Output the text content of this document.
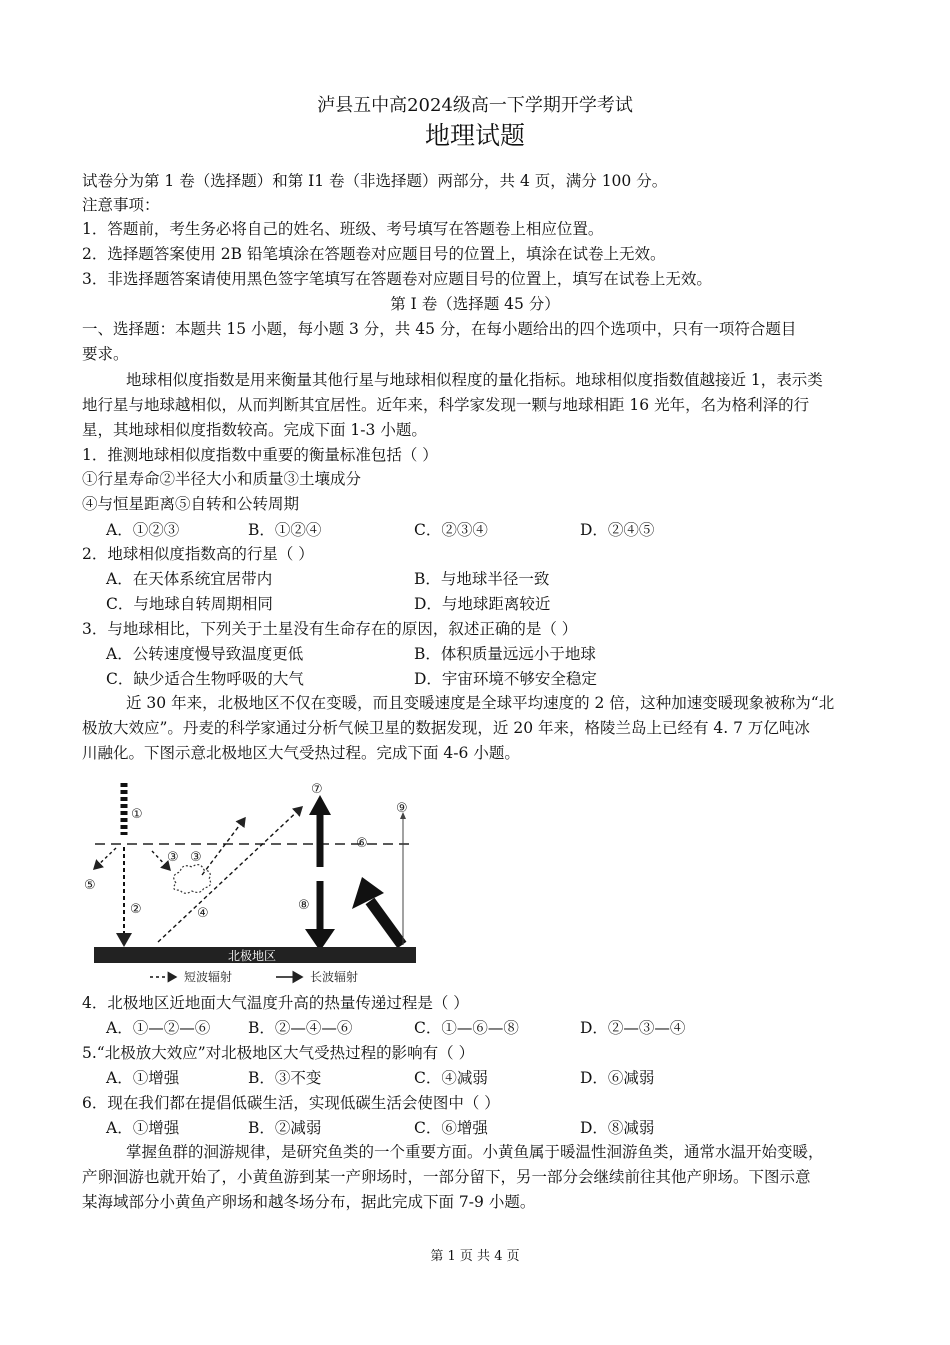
泸县五中高2024级高一下学期开学考试
地理试题
试卷分为第 1 卷（选择题）和第 I1 卷（非选择题）两部分，共 4 页，满分 100 分。
注意事项：
1．答题前，考生务必将自己的姓名、班级、考号填写在答题卷上相应位置。
2．选择题答案使用 2B 铅笔填涂在答题卷对应题目号的位置上，填涂在试卷上无效。
3．非选择题答案请使用黑色签字笔填写在答题卷对应题目号的位置上，填写在试卷上无效。
第 I 卷（选择题 45 分）
一、选择题：本题共 15 小题，每小题 3 分，共 45 分，在每小题给出的四个选项中，只有一项符合题目
要求。
地球相似度指数是用来衡量其他行星与地球相似程度的量化指标。地球相似度指数值越接近 1，表示类
地行星与地球越相似，从而判断其宜居性。近年来，科学家发现一颗与地球相距 16 光年，名为格利泽的行
星，其地球相似度指数较高。完成下面 1-3 小题。
1．推测地球相似度指数中重要的衡量标准包括（ ）
①行星寿命②半径大小和质量③土壤成分
④与恒星距离⑤自转和公转周期
A．①②③	B．①②④	C．②③④	D．②④⑤
2．地球相似度指数高的行星（ ）
A．在天体系统宜居带内	B．与地球半径一致
C．与地球自转周期相同	D．与地球距离较近
3．与地球相比，下列关于土星没有生命存在的原因，叙述正确的是（ ）
A．公转速度慢导致温度更低	B．体积质量远远小于地球
C．缺少适合生物呼吸的大气	D．宇宙环境不够安全稳定
近 30 年来，北极地区不仅在变暖，而且变暖速度是全球平均速度的 2 倍，这种加速变暖现象被称为“北
极放大效应”。丹麦的科学家通过分析气候卫星的数据发现，近 20 年来，格陵兰岛上已经有 4. 7 万亿吨冰
川融化。下图示意北极地区大气受热过程。完成下面 4-6 小题。
①
②
⑤
③ ③
④
⑦
⑧
⑥
⑨
北极地区
短波辐射	长波辐射
4．北极地区近地面大气温度升高的热量传递过程是（ ）
A．①—②—⑥ B．②—④—⑥	C．①—⑥—⑧	D．②—③—④
5.“北极放大效应”对北极地区大气受热过程的影响有（ ）
A．①增强	B．③不变	C．④减弱	D．⑥减弱
6．现在我们都在提倡低碳生活，实现低碳生活会使图中（ ）
A．①增强	B．②减弱	C．⑥增强	D．⑧减弱
掌握鱼群的洄游规律，是研究鱼类的一个重要方面。小黄鱼属于暖温性洄游鱼类，通常水温开始变暖，
产卵洄游也就开始了，小黄鱼游到某一产卵场时，一部分留下，另一部分会继续前往其他产卵场。下图示意
某海域部分小黄鱼产卵场和越冬场分布，据此完成下面 7-9 小题。
第 1 页 共 4 页
